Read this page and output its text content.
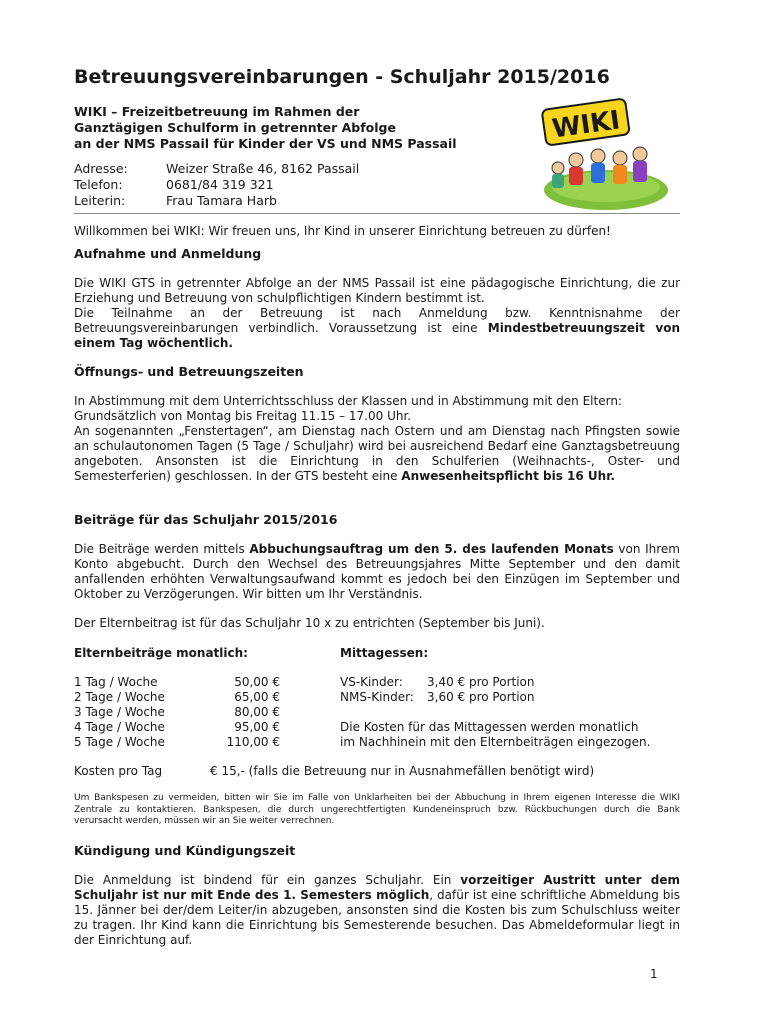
Betreuungsvereinbarungen - Schuljahr 2015/2016
WIKI – Freizeitbetreuung im Rahmen der
Ganztägigen Schulform in getrennter Abfolge
an der NMS Passail für Kinder der VS und NMS Passail
Adresse:	Weizer Straße 46, 8162 Passail
Telefon:	0681/84 319 321
Leiterin:	Frau Tamara Harb
WIKI
Willkommen bei WIKI: Wir freuen uns, Ihr Kind in unserer Einrichtung betreuen zu dürfen!
Aufnahme und Anmeldung
Die WIKI GTS in getrennter Abfolge an der NMS Passail ist eine pädagogische Einrichtung, die zur Erziehung und Betreuung von schulpflichtigen Kindern bestimmt ist.
Die Teilnahme an der Betreuung ist nach Anmeldung bzw. Kenntnisnahme der Betreuungsvereinbarungen verbindlich. Voraussetzung ist eine Mindestbetreuungszeit von einem Tag wöchentlich.
Öffnungs- und Betreuungszeiten
In Abstimmung mit dem Unterrichtsschluss der Klassen und in Abstimmung mit den Eltern:
Grundsätzlich von Montag bis Freitag 11.15 – 17.00 Uhr.
An sogenannten „Fenstertagen“, am Dienstag nach Ostern und am Dienstag nach Pfingsten sowie an schulautonomen Tagen (5 Tage / Schuljahr) wird bei ausreichend Bedarf eine Ganztagsbetreuung angeboten. Ansonsten ist die Einrichtung in den Schulferien (Weihnachts-, Oster- und Semesterferien) geschlossen. In der GTS besteht eine Anwesenheitspflicht bis 16 Uhr.
Beiträge für das Schuljahr 2015/2016
Die Beiträge werden mittels Abbuchungsauftrag um den 5. des laufenden Monats von Ihrem Konto abgebucht. Durch den Wechsel des Betreuungsjahres Mitte September und den damit anfallenden erhöhten Verwaltungsaufwand kommt es jedoch bei den Einzügen im September und Oktober zu Verzögerungen. Wir bitten um Ihr Verständnis.
Der Elternbeitrag ist für das Schuljahr 10 x zu entrichten (September bis Juni).
Elternbeiträge monatlich:	Mittagessen:
1 Tag / Woche	50,00 €
2 Tage / Woche	65,00 €
3 Tage / Woche	80,00 €
4 Tage / Woche	95,00 €
5 Tage / Woche	110,00 €
VS-Kinder:	3,40 € pro Portion
NMS-Kinder:	3,60 € pro Portion
Die Kosten für das Mittagessen werden monatlich
im Nachhinein mit den Elternbeiträgen eingezogen.
Kosten pro Tag	€ 15,- (falls die Betreuung nur in Ausnahmefällen benötigt wird)
Um Bankspesen zu vermeiden, bitten wir Sie im Falle von Unklarheiten bei der Abbuchung in Ihrem eigenen Interesse die WIKI Zentrale zu kontaktieren. Bankspesen, die durch ungerechtfertigten Kundeneinspruch bzw. Rückbuchungen durch die Bank verursacht werden, müssen wir an Sie weiter verrechnen.
Kündigung und Kündigungszeit
Die Anmeldung ist bindend für ein ganzes Schuljahr. Ein vorzeitiger Austritt unter dem Schuljahr ist nur mit Ende des 1. Semesters möglich, dafür ist eine schriftliche Abmeldung bis 15. Jänner bei der/dem Leiter/in abzugeben, ansonsten sind die Kosten bis zum Schulschluss weiter zu tragen. Ihr Kind kann die Einrichtung bis Semesterende besuchen. Das Abmeldeformular liegt in der Einrichtung auf.
1
